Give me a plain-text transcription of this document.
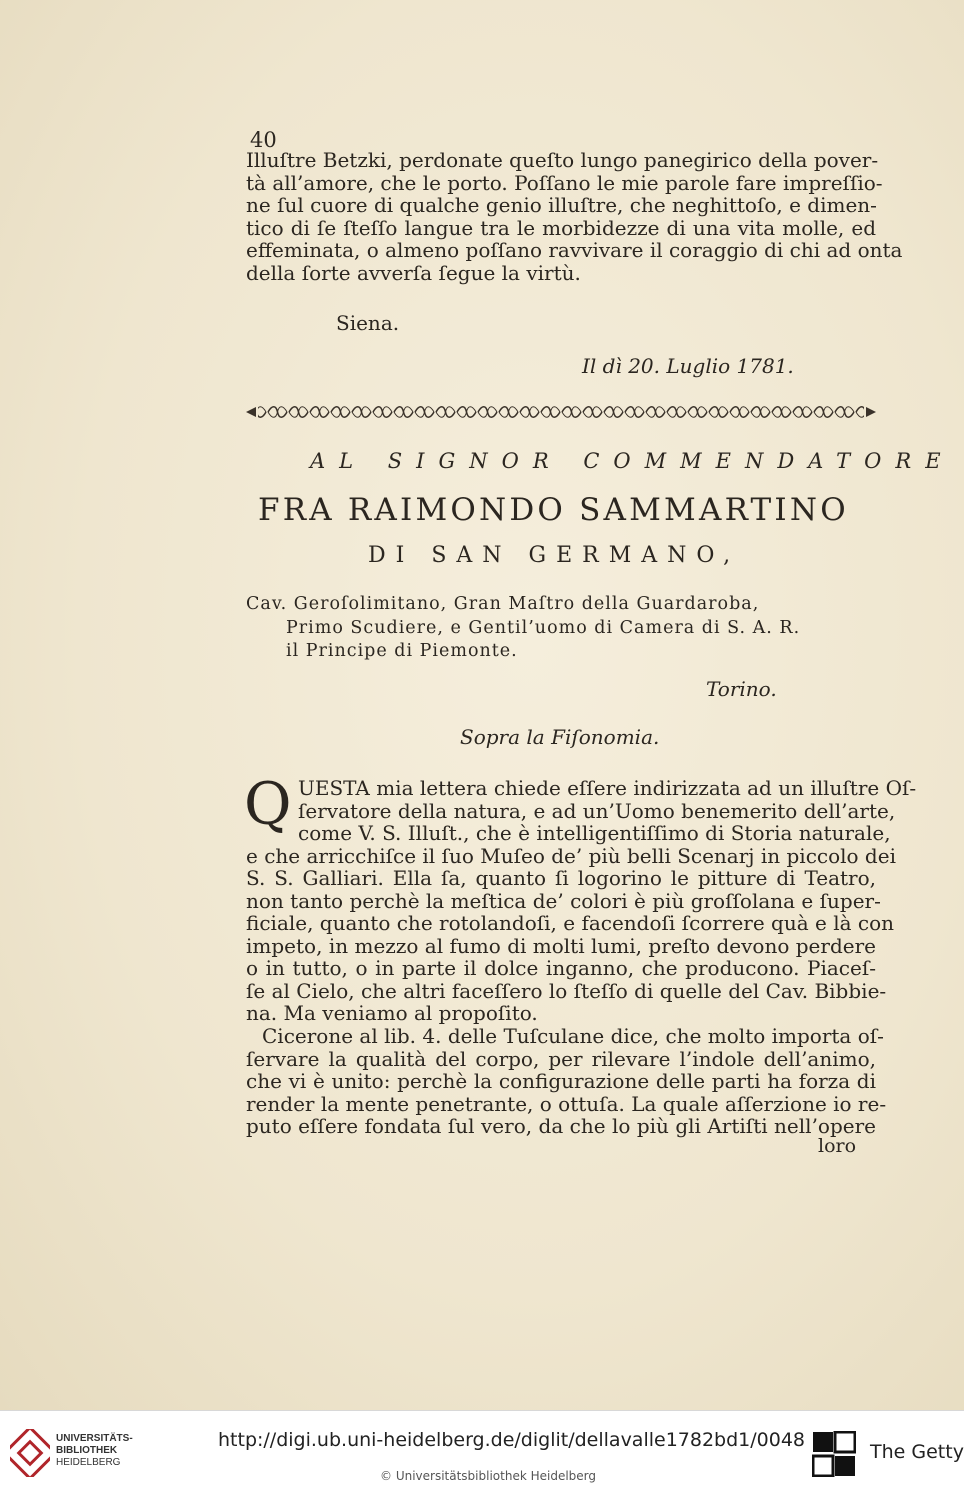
40
Illuſtre Betzki, perdonate queſto lungo panegirico della pover-
tà all’amore, che le porto. Poſſano le mie parole fare impreſſio-
ne ſul cuore di qualche genio illuſtre, che neghittoſo, e dimen-
tico di ſe ſteſſo langue tra le morbidezze di una vita molle, ed
effeminata, o almeno poſſano ravvivare il coraggio di chi ad onta
della ſorte avverſa ſegue la virtù.
Siena.
Il dì 20. Luglio 1781.
AL SIGNOR COMMENDATORE
FRA RAIMONDO SAMMARTINO
DI SAN GERMANO,
Cav. Geroſolimitano, Gran Maſtro della Guardaroba,
Primo Scudiere, e Gentil’uomo di Camera di S. A. R.
il Principe di Piemonte.
Torino.
Sopra la Fiſonomia.
Q UESTA mia lettera chiede eſſere indirizzata ad un illuſtre Oſ-
ſervatore della natura, e ad un’Uomo benemerito dell’arte,
come V. S. Illuſt., che è intelligentiſſimo di Storia naturale,
e che arricchiſce il ſuo Muſeo de’ più belli Scenarj in piccolo dei
S. S. Galliari. Ella ſa, quanto ſi logorino le pitture di Teatro,
non tanto perchè la meſtica de’ colori è più groſſolana e ſuper-
ficiale, quanto che rotolandoſi, e facendoſi ſcorrere quà e là con
impeto, in mezzo al fumo di molti lumi, preſto devono perdere
o in tutto, o in parte il dolce inganno, che producono. Piaceſ-
ſe al Cielo, che altri faceſſero lo ſteſſo di quelle del Cav. Bibbie-
na. Ma veniamo al propoſito.
Cicerone al lib. 4. delle Tuſculane dice, che molto importa oſ-
ſervare la qualità del corpo, per rilevare l’indole dell’animo,
che vi è unito: perchè la configurazione delle parti ha forza di
render la mente penetrante, o ottuſa. La quale aſſerzione io re-
puto eſſere fondata ſul vero, da che lo più gli Artiſti nell’opere
loro
UNIVERSITÄTS-
BIBLIOTHEK
HEIDELBERG
http://digi.ub.uni-heidelberg.de/diglit/dellavalle1782bd1/0048
© Universitätsbibliothek Heidelberg
The Getty
